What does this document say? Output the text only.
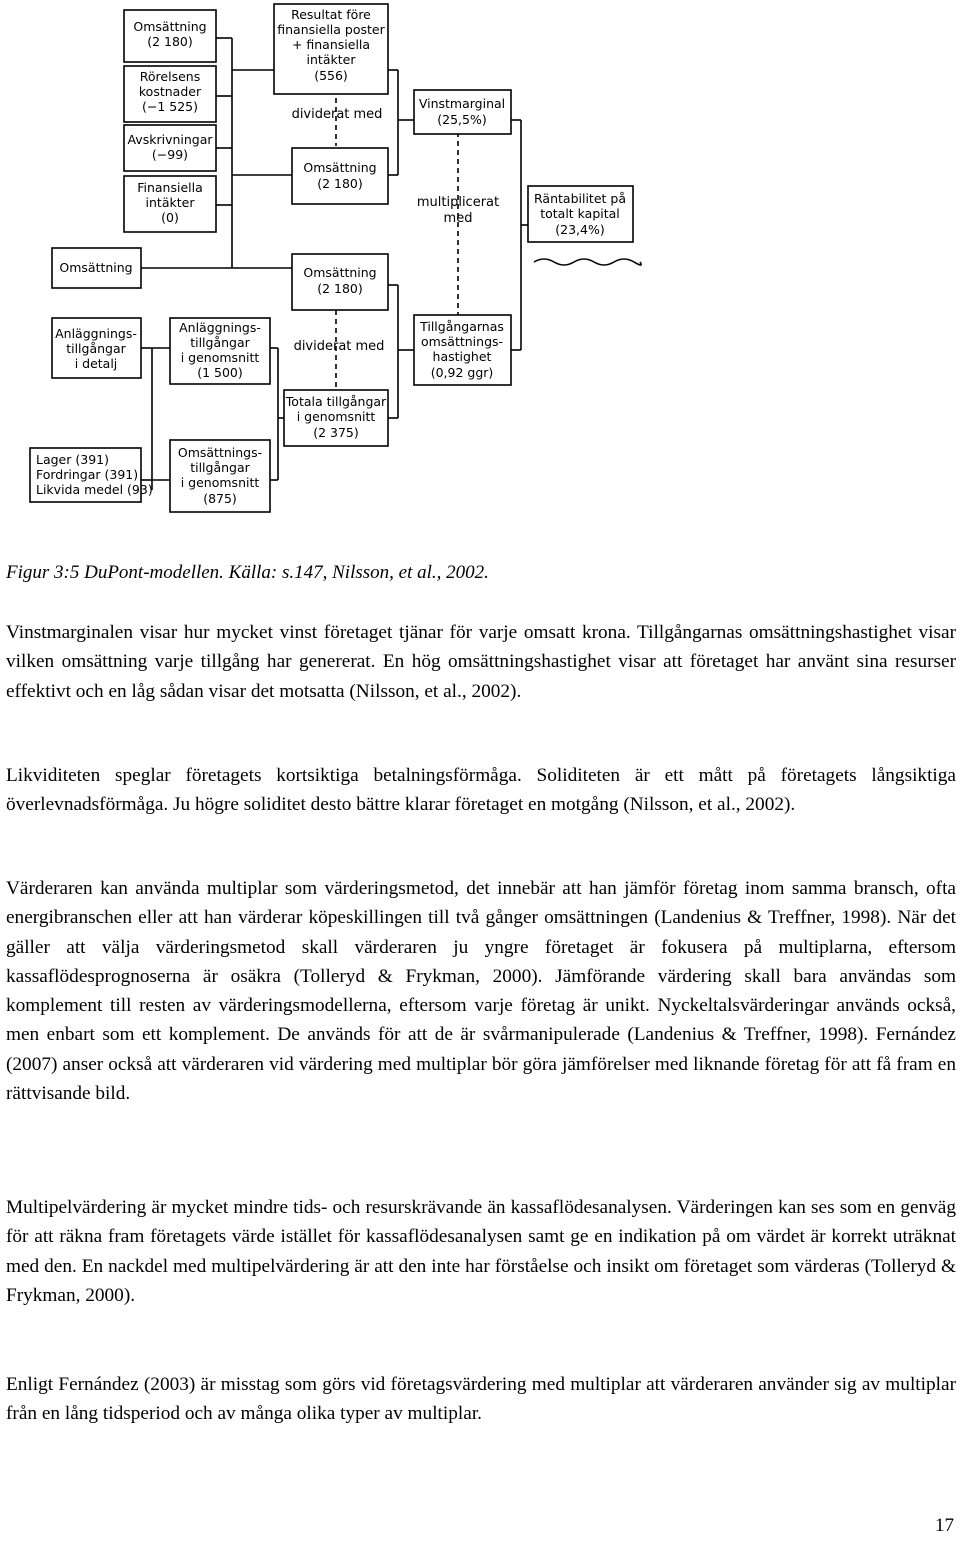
Omsättning (2 180)
Rörelsens kostnader (−1 525)
Avskrivningar (−99)
Finansiella intäkter (0)
Resultat före finansiella poster + finansiella intäkter (556)
Omsättning (2 180)
Vinstmarginal (25,5%)
Räntabilitet på totalt kapital (23,4%)
Omsättning	Omsättning (2 180)
Anläggnings-tillgångar i detalj
Anläggnings-tillgångar i genomsnitt (1 500)
Tillgångarnas omsättnings-hastighet (0,92 ggr)
Totala tillgångar i genomsnitt (2 375)
Omsättnings-tillgångar i genomsnitt (875)
Lager (391) Fordringar (391) Likvida medel (93)
dividerat med
multiplicerat med
dividerat med

Figur 3:5 DuPont-modellen. Källa: s.147, Nilsson, et al., 2002.

Vinstmarginalen visar hur mycket vinst företaget tjänar för varje omsatt krona. Tillgångarnas omsättningshastighet visar vilken omsättning varje tillgång har genererat. En hög omsättningshastighet visar att företaget har använt sina resurser effektivt och en låg sådan visar det motsatta (Nilsson, et al., 2002).

Likviditeten speglar företagets kortsiktiga betalningsförmåga. Soliditeten är ett mått på företagets långsiktiga överlevnadsförmåga. Ju högre soliditet desto bättre klarar företaget en motgång (Nilsson, et al., 2002).

Värderaren kan använda multiplar som värderingsmetod, det innebär att han jämför företag inom samma bransch, ofta energibranschen eller att han värderar köpeskillingen till två gånger omsättningen (Landenius & Treffner, 1998). När det gäller att välja värderingsmetod skall värderaren ju yngre företaget är fokusera på multiplarna, eftersom kassaflödesprognoserna är osäkra (Tolleryd & Frykman, 2000). Jämförande värdering skall bara användas som komplement till resten av värderingsmodellerna, eftersom varje företag är unikt. Nyckeltalsvärderingar används också, men enbart som ett komplement. De används för att de är svårmanipulerade (Landenius & Treffner, 1998). Fernández (2007) anser också att värderaren vid värdering med multiplar bör göra jämförelser med liknande företag för att få fram en rättvisande bild.

Multipelvärdering är mycket mindre tids- och resurskrävande än kassaflödesanalysen. Värderingen kan ses som en genväg för att räkna fram företagets värde istället för kassaflödesanalysen samt ge en indikation på om värdet är korrekt uträknat med den. En nackdel med multipelvärdering är att den inte har förståelse och insikt om företaget som värderas (Tolleryd & Frykman, 2000).

Enligt Fernández (2003) är misstag som görs vid företagsvärdering med multiplar att värderaren använder sig av multiplar från en lång tidsperiod och av många olika typer av multiplar.

17
